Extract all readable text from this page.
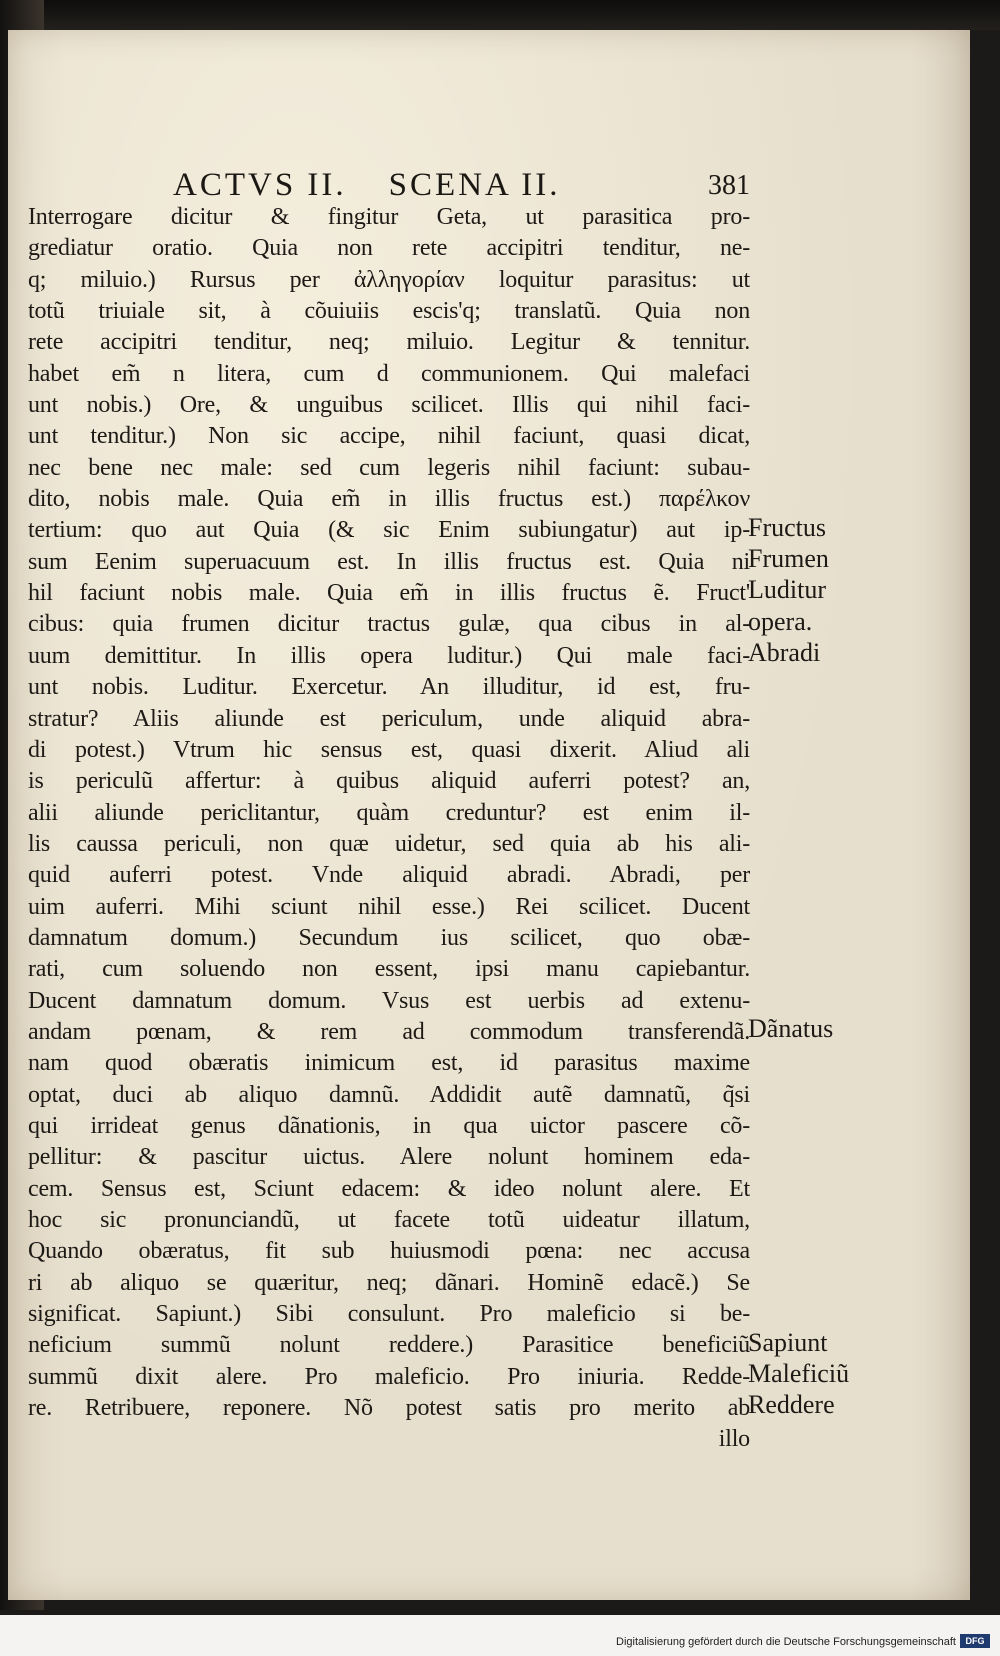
ACTVS II. SCENA II.	381
Interrogare dicitur & fingitur Geta, ut parasitica pro-
grediatur oratio. Quia non rete accipitri tenditur, ne-
q; miluio.) Rursus per ἀλληγορίαν loquitur parasitus: ut
totũ triuiale sit, à cõuiuiis escis'q; translatũ. Quia non
rete accipitri tenditur, neq; miluio. Legitur & tennitur.
habet em̃ n litera, cum d communionem. Qui malefaci
unt nobis.) Ore, & unguibus scilicet. Illis qui nihil faci-
unt tenditur.) Non sic accipe, nihil faciunt, quasi dicat,
nec bene nec male: sed cum legeris nihil faciunt: subau-
dito, nobis male. Quia em̃ in illis fructus est.) παρέλκον
tertium: quo aut Quia (& sic Enim subiungatur) aut ip-
sum Eenim superuacuum est. In illis fructus est. Quia ni
hil faciunt nobis male. Quia em̃ in illis fructus ẽ. Fruct'
cibus: quia frumen dicitur tractus gulæ, qua cibus in al-
uum demittitur. In illis opera luditur.) Qui male faci-
unt nobis. Luditur. Exercetur. An illuditur, id est, fru-
stratur? Aliis aliunde est periculum, unde aliquid abra-
di potest.) Vtrum hic sensus est, quasi dixerit. Aliud ali
is periculũ affertur: à quibus aliquid auferri potest? an,
alii aliunde periclitantur, quàm creduntur? est enim il-
lis caussa periculi, non quæ uidetur, sed quia ab his ali-
quid auferri potest. Vnde aliquid abradi. Abradi, per
uim auferri. Mihi sciunt nihil esse.) Rei scilicet. Ducent
damnatum domum.) Secundum ius scilicet, quo obæ-
rati, cum soluendo non essent, ipsi manu capiebantur.
Ducent damnatum domum. Vsus est uerbis ad extenu-
andam pœnam, & rem ad commodum transferendã.
nam quod obæratis inimicum est, id parasitus maxime
optat, duci ab aliquo damnũ. Addidit autẽ damnatũ, q̃si
qui irrideat genus dãnationis, in qua uictor pascere cõ-
pellitur: & pascitur uictus. Alere nolunt hominem eda-
cem. Sensus est, Sciunt edacem: & ideo nolunt alere. Et
hoc sic pronunciandũ, ut facete totũ uideatur illatum,
Quando obæratus, fit sub huiusmodi pœna: nec accusa
ri ab aliquo se quæritur, neq; dãnari. Hominẽ edacẽ.) Se
significat. Sapiunt.) Sibi consulunt. Pro maleficio si be-
neficium summũ nolunt reddere.) Parasitice beneficiũ
summũ dixit alere. Pro maleficio. Pro iniuria. Redde-
re. Retribuere, reponere. Nõ potest satis pro merito ab
illo
Fructus
Frumen
Luditur
opera.
Abradi
Dãnatus
Sapiunt
Maleficiũ
Reddere
Digitalisierung gefördert durch die Deutsche Forschungsgemeinschaft	DFG
